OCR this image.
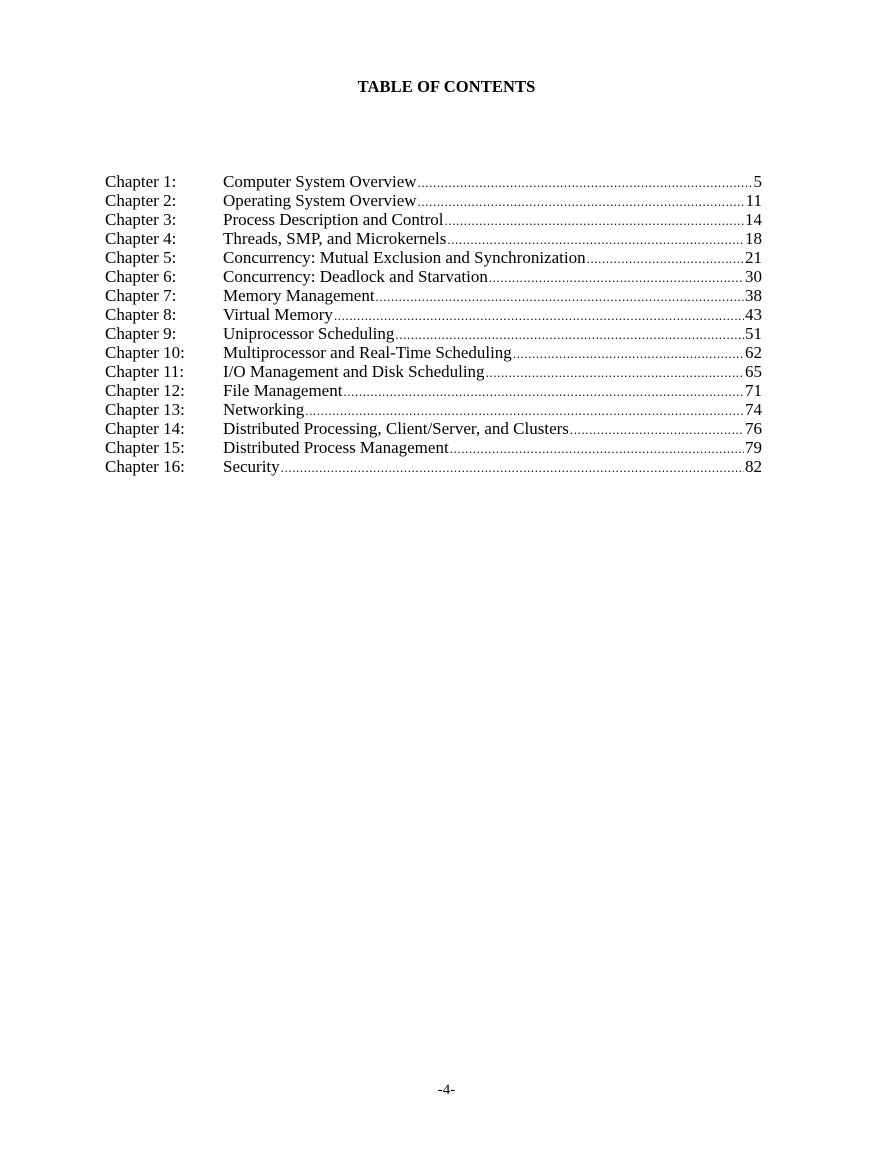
TABLE OF CONTENTS
Chapter 1:	Computer System Overview .....	5
Chapter 2:	Operating System Overview .....	11
Chapter 3:	Process Description and Control .....	14
Chapter 4:	Threads, SMP, and Microkernels .....	18
Chapter 5:	Concurrency: Mutual Exclusion and Synchronization .....	21
Chapter 6:	Concurrency: Deadlock and Starvation .....	30
Chapter 7:	Memory Management .....	38
Chapter 8:	Virtual Memory .....	43
Chapter 9:	Uniprocessor Scheduling .....	51
Chapter 10:	Multiprocessor and Real-Time Scheduling .....	62
Chapter 11:	I/O Management and Disk Scheduling .....	65
Chapter 12:	File Management .....	71
Chapter 13:	Networking .....	74
Chapter 14:	Distributed Processing, Client/Server, and Clusters .....	76
Chapter 15:	Distributed Process Management .....	79
Chapter 16:	Security .....	82
-4-
